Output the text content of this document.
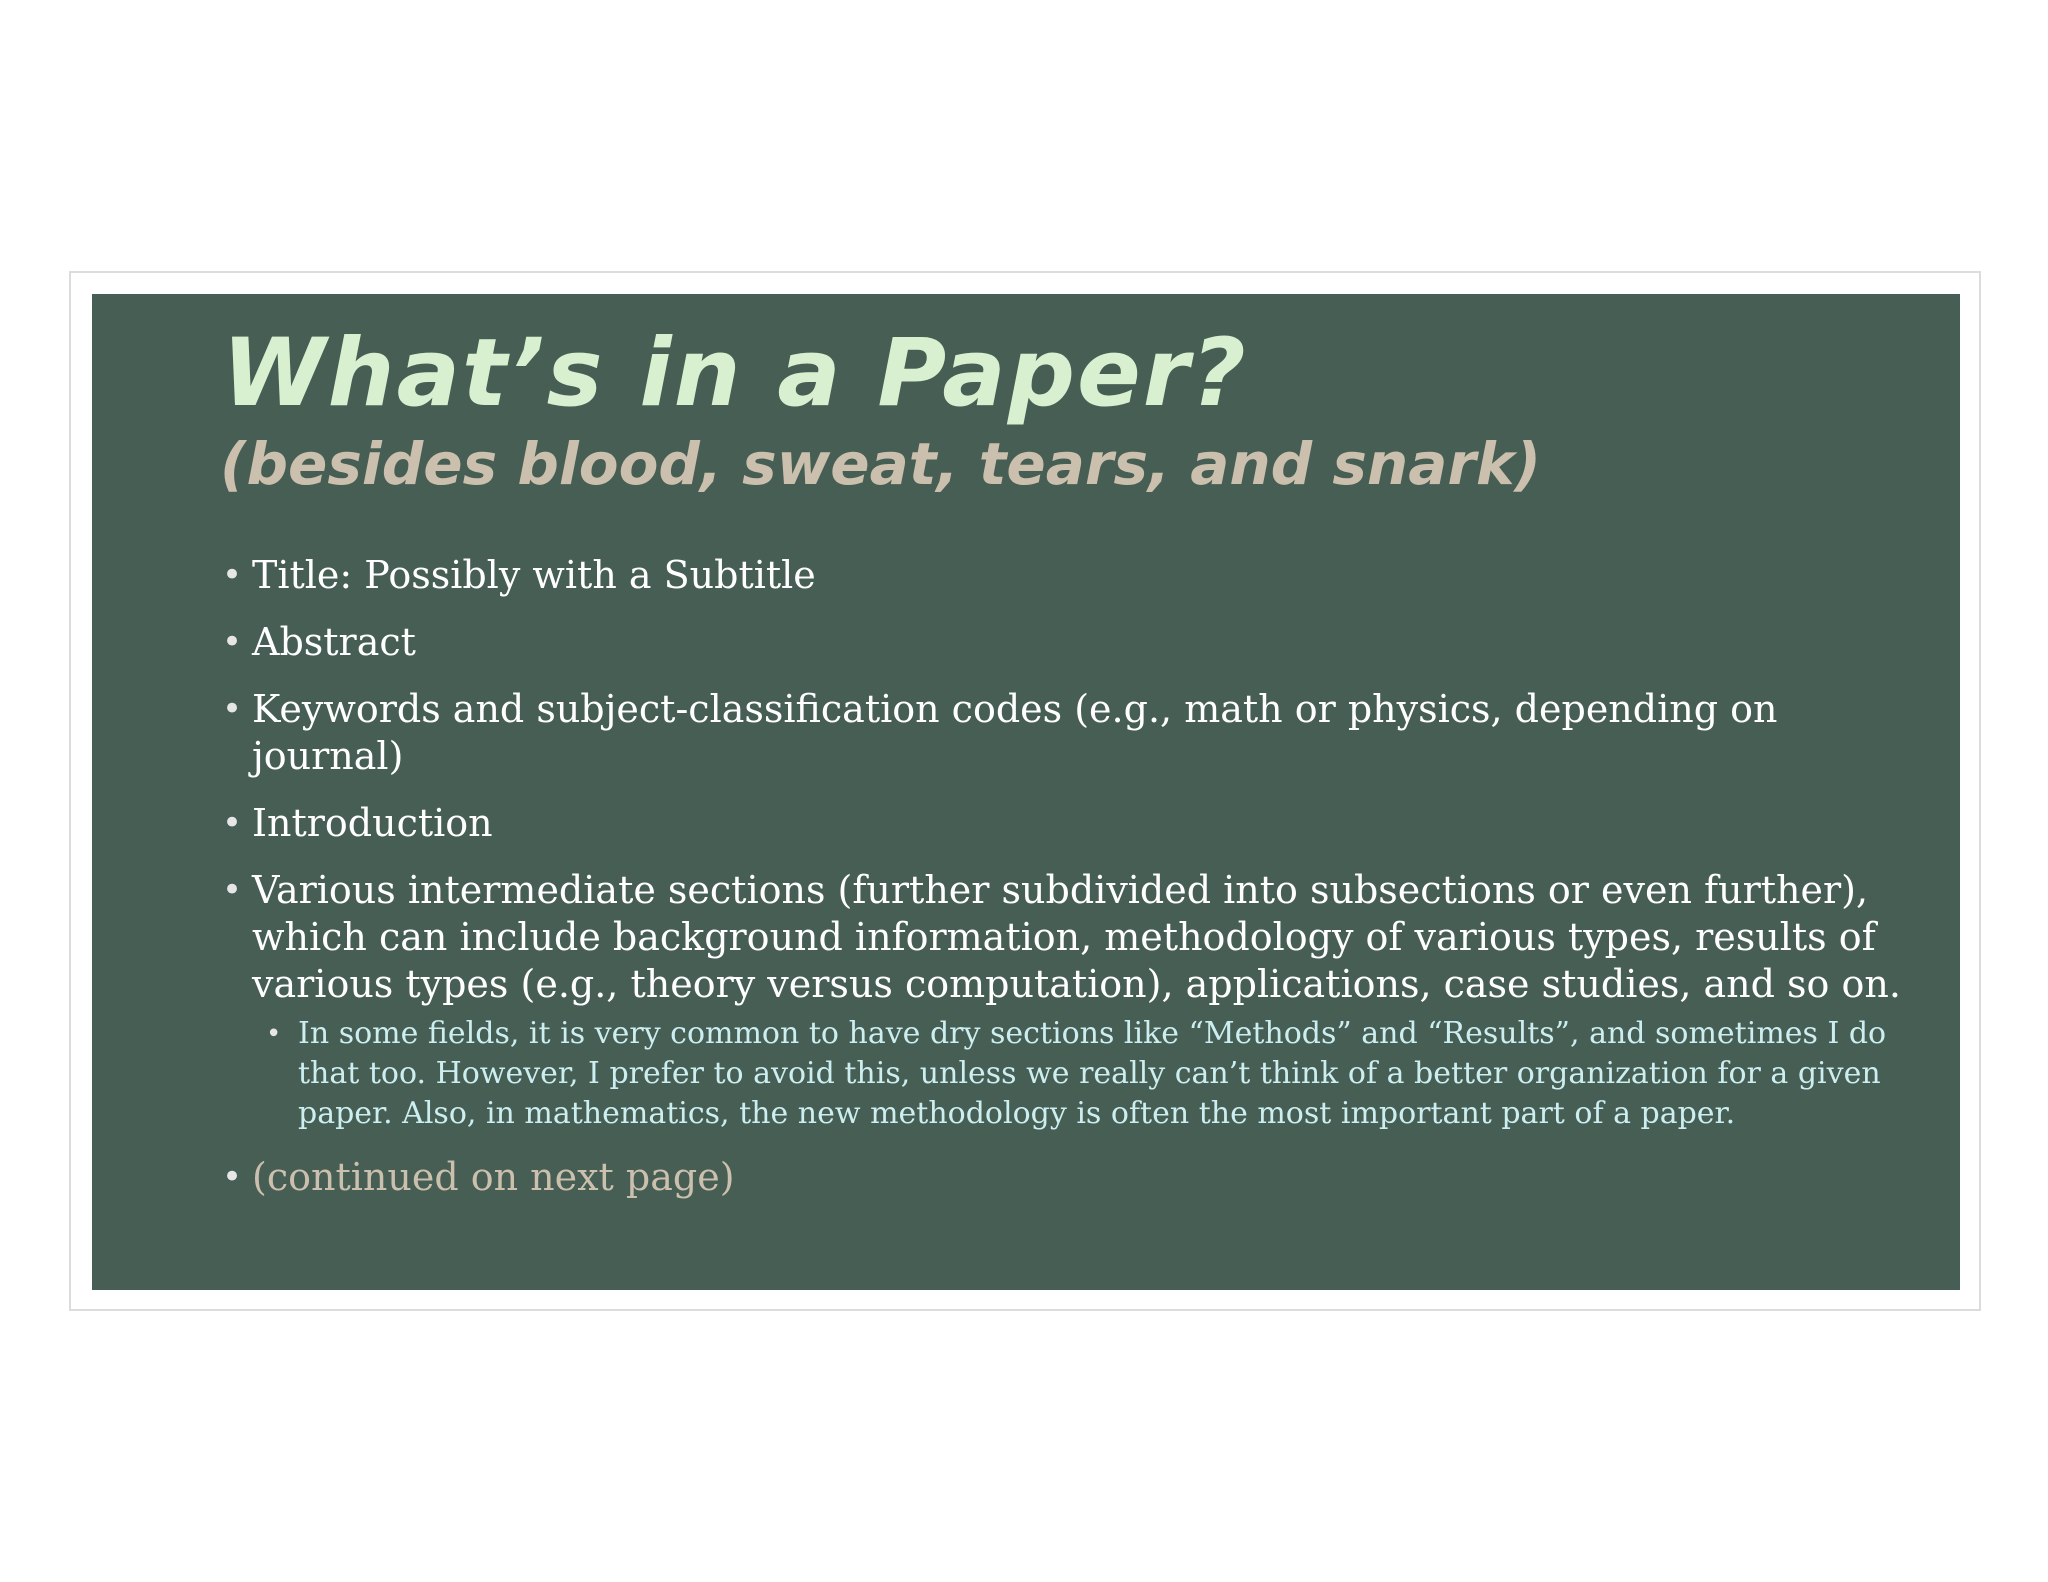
What’s in a Paper?
(besides blood, sweat, tears, and snark)
• Title: Possibly with a Subtitle
• Abstract
• Keywords and subject-classification codes (e.g., math or physics, depending on journal)
• Introduction
• Various intermediate sections (further subdivided into subsections or even further), which can include background information, methodology of various types, results of various types (e.g., theory versus computation), applications, case studies, and so on.
• In some fields, it is very common to have dry sections like “Methods” and “Results”, and sometimes I do that too. However, I prefer to avoid this, unless we really can’t think of a better organization for a given paper. Also, in mathematics, the new methodology is often the most important part of a paper.
• (continued on next page)
